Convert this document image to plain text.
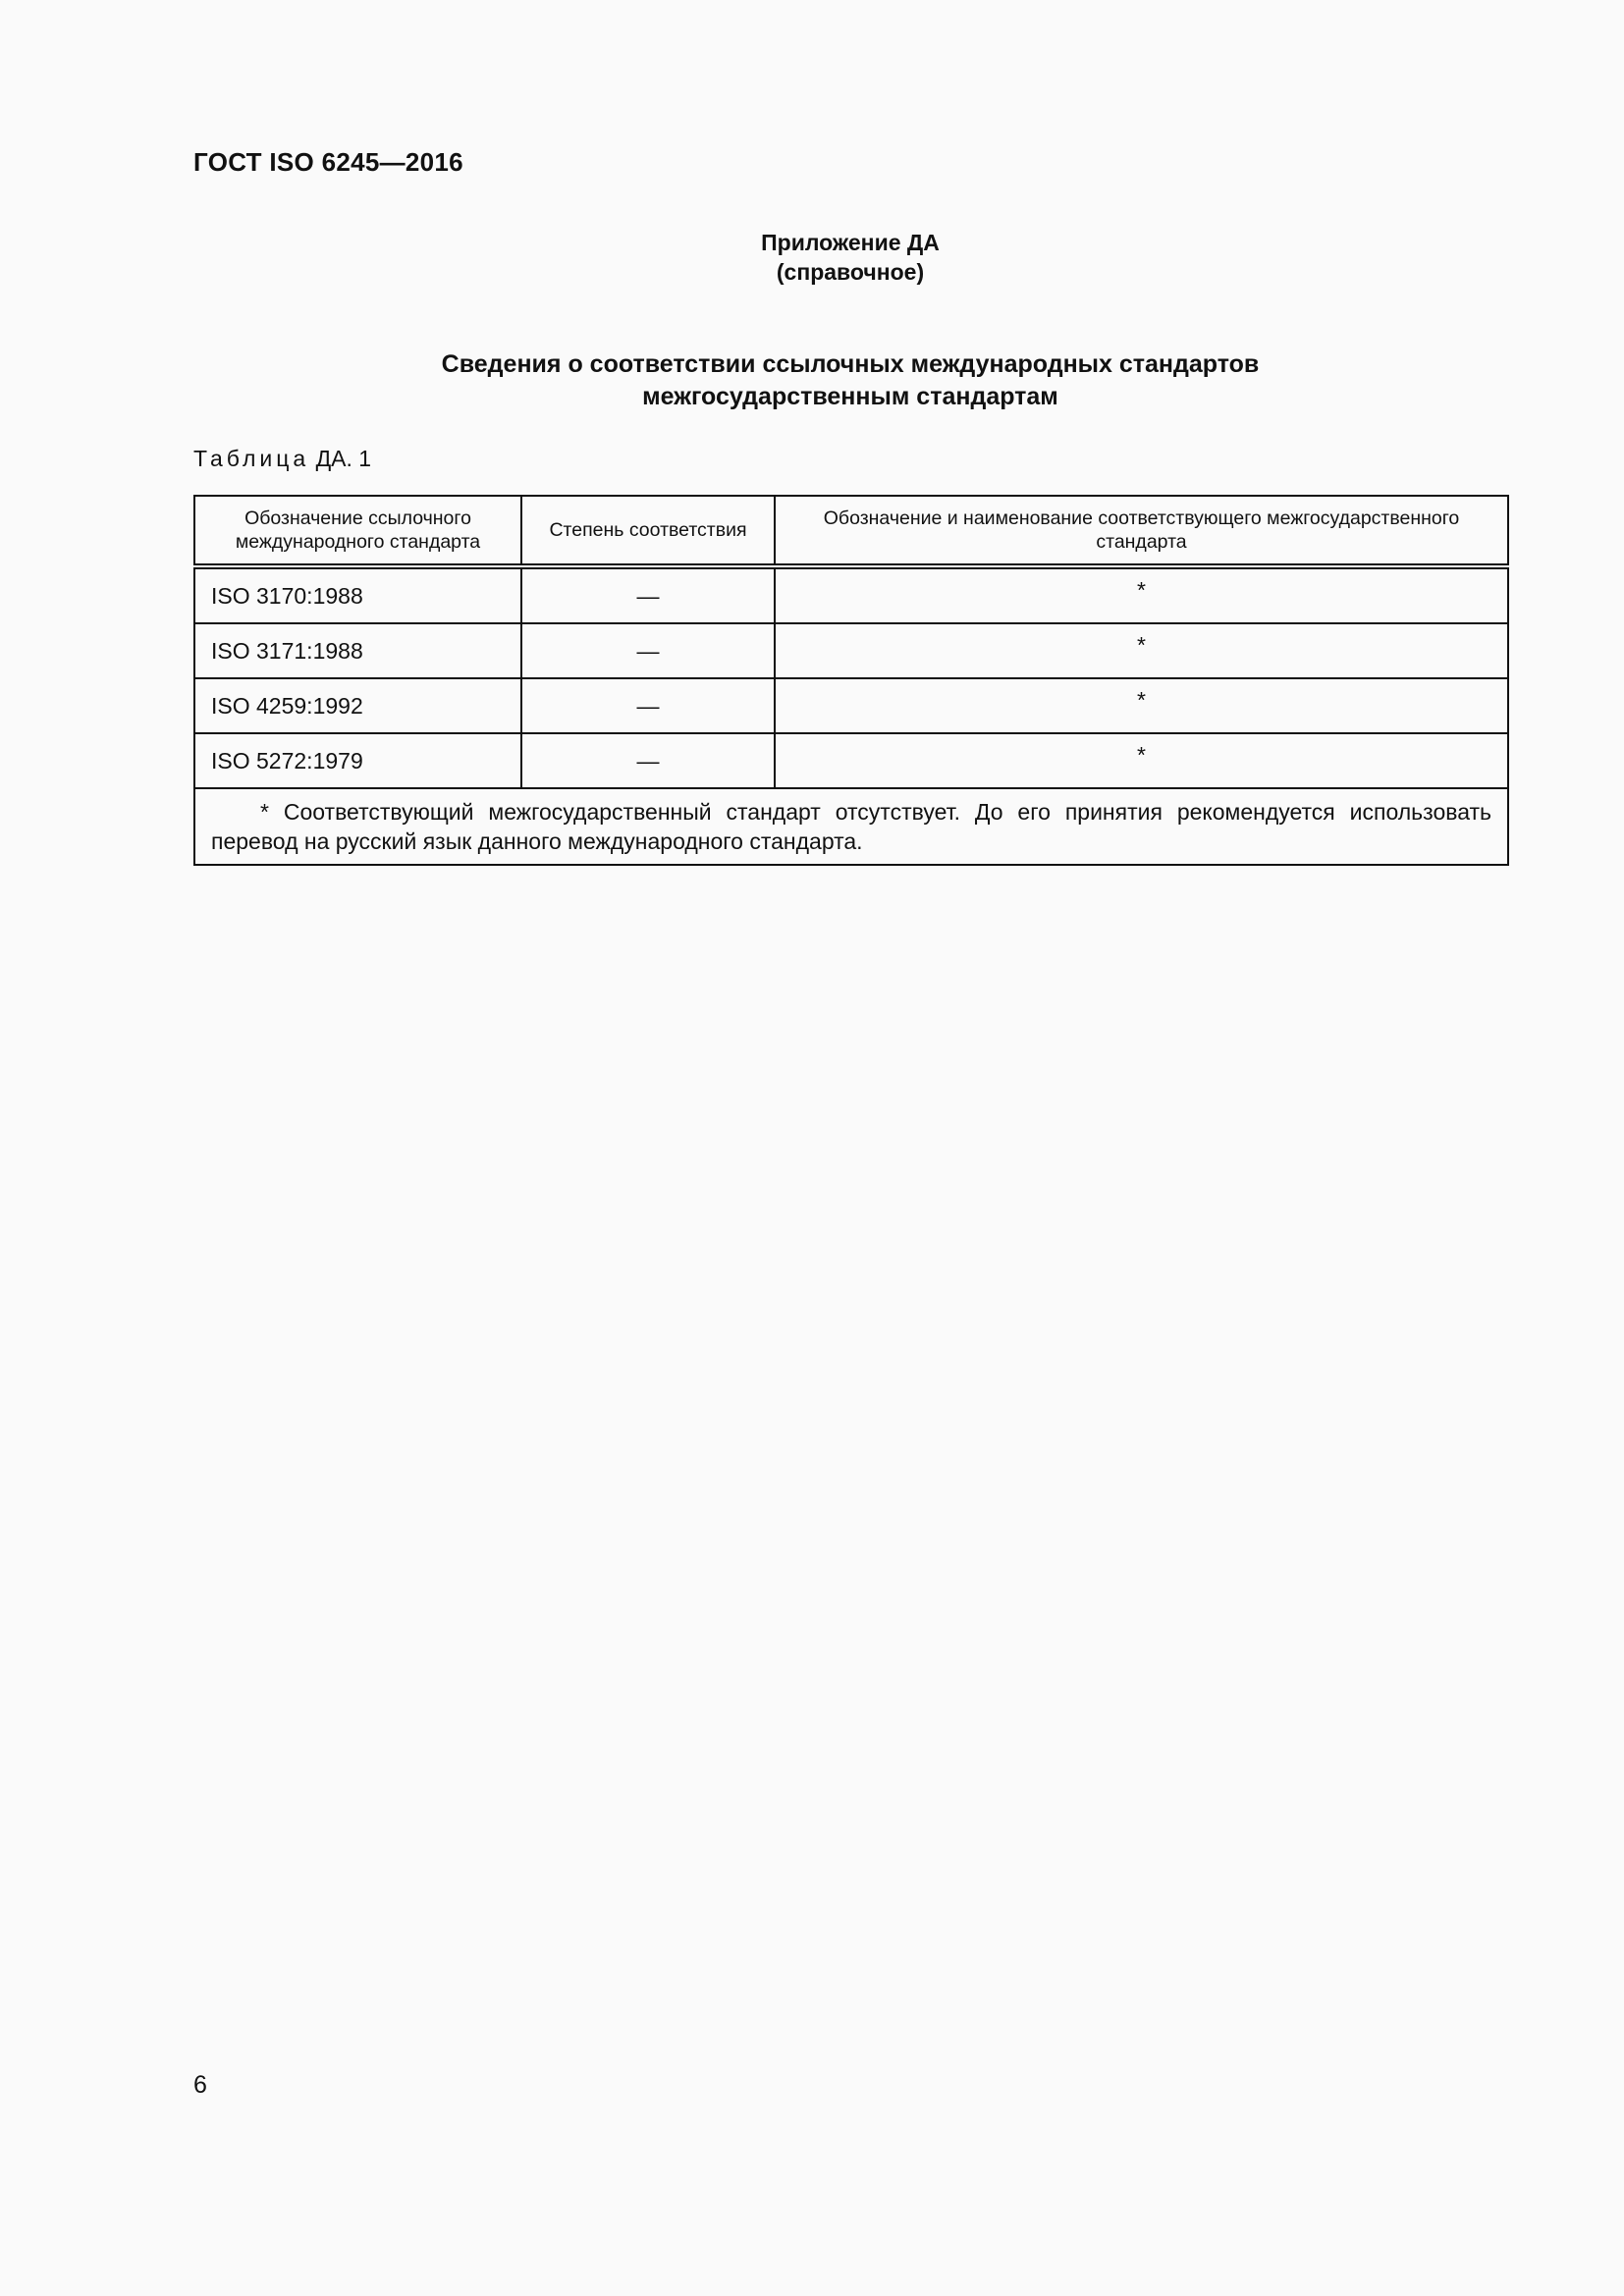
ГОСТ ISO 6245—2016
Приложение ДА
(справочное)
Сведения о соответствии ссылочных международных стандартов
межгосударственным стандартам
Таблица ДА. 1
Обозначение ссылочного международного стандарта	Степень соответствия	Обозначение и наименование соответствующего межгосударственного стандарта
ISO 3170:1988	—	*
ISO 3171:1988	—	*
ISO 4259:1992	—	*
ISO 5272:1979	—	*
* Соответствующий межгосударственный стандарт отсутствует. До его принятия рекомендуется использовать перевод на русский язык данного международного стандарта.		
6
